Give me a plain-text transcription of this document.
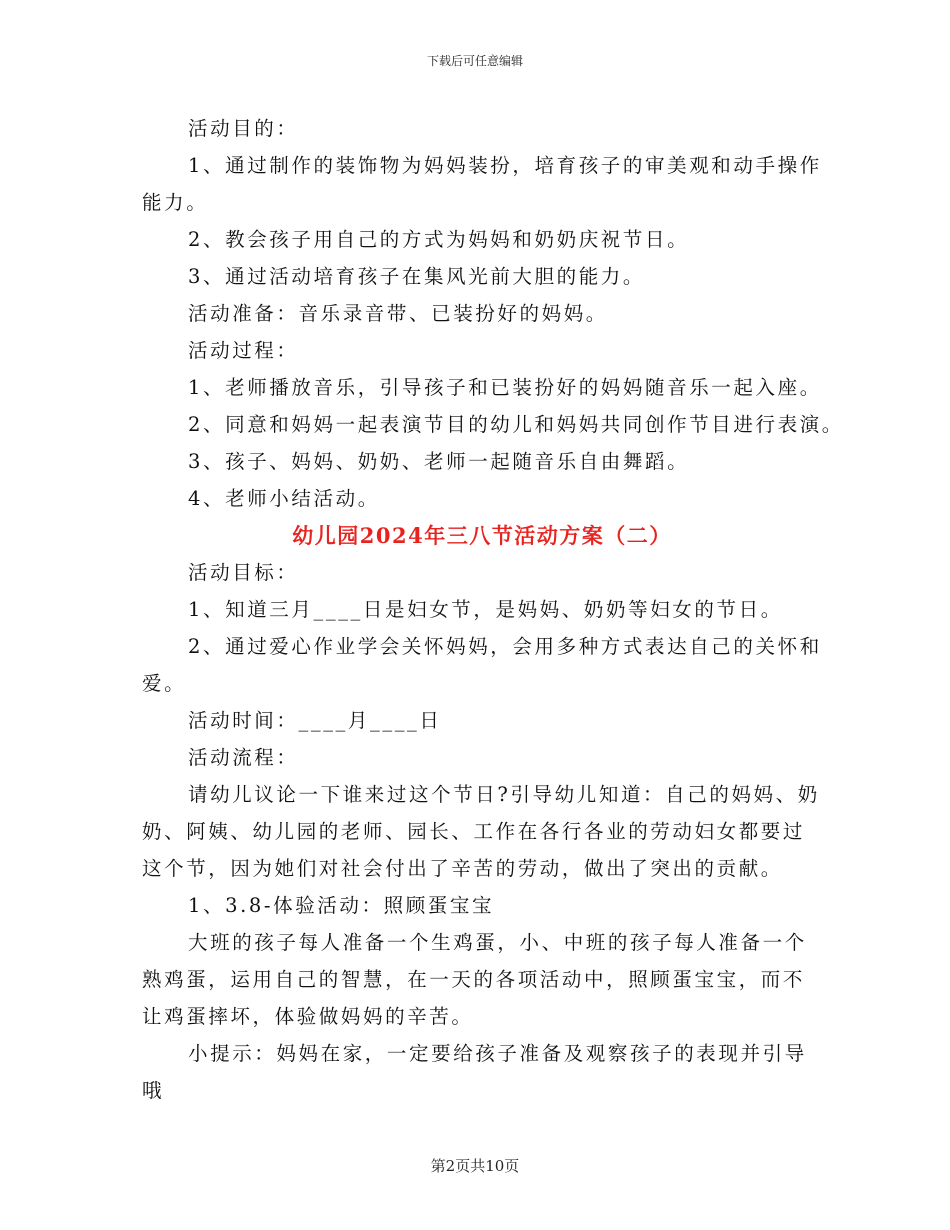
下载后可任意编辑

活动目的：

1、通过制作的装饰物为妈妈装扮，培育孩子的审美观和动手操作
能力。

2、教会孩子用自己的方式为妈妈和奶奶庆祝节日。

3、通过活动培育孩子在集风光前大胆的能力。

活动准备：音乐录音带、已装扮好的妈妈。

活动过程：

1、老师播放音乐，引导孩子和已装扮好的妈妈随音乐一起入座。

2、同意和妈妈一起表演节目的幼儿和妈妈共同创作节目进行表演。

3、孩子、妈妈、奶奶、老师一起随音乐自由舞蹈。

4、老师小结活动。

幼儿园2024年三八节活动方案（二）

活动目标：

1、知道三月____日是妇女节，是妈妈、奶奶等妇女的节日。

2、通过爱心作业学会关怀妈妈，会用多种方式表达自己的关怀和
爱。

活动时间：____月____日

活动流程：

请幼儿议论一下谁来过这个节日?引导幼儿知道：自己的妈妈、奶
奶、阿姨、幼儿园的老师、园长、工作在各行各业的劳动妇女都要过
这个节，因为她们对社会付出了辛苦的劳动，做出了突出的贡献。

1、3.8-体验活动：照顾蛋宝宝

大班的孩子每人准备一个生鸡蛋，小、中班的孩子每人准备一个
熟鸡蛋，运用自己的智慧，在一天的各项活动中，照顾蛋宝宝，而不
让鸡蛋摔坏，体验做妈妈的辛苦。

小提示：妈妈在家，一定要给孩子准备及观察孩子的表现并引导
哦

第2页共10页
